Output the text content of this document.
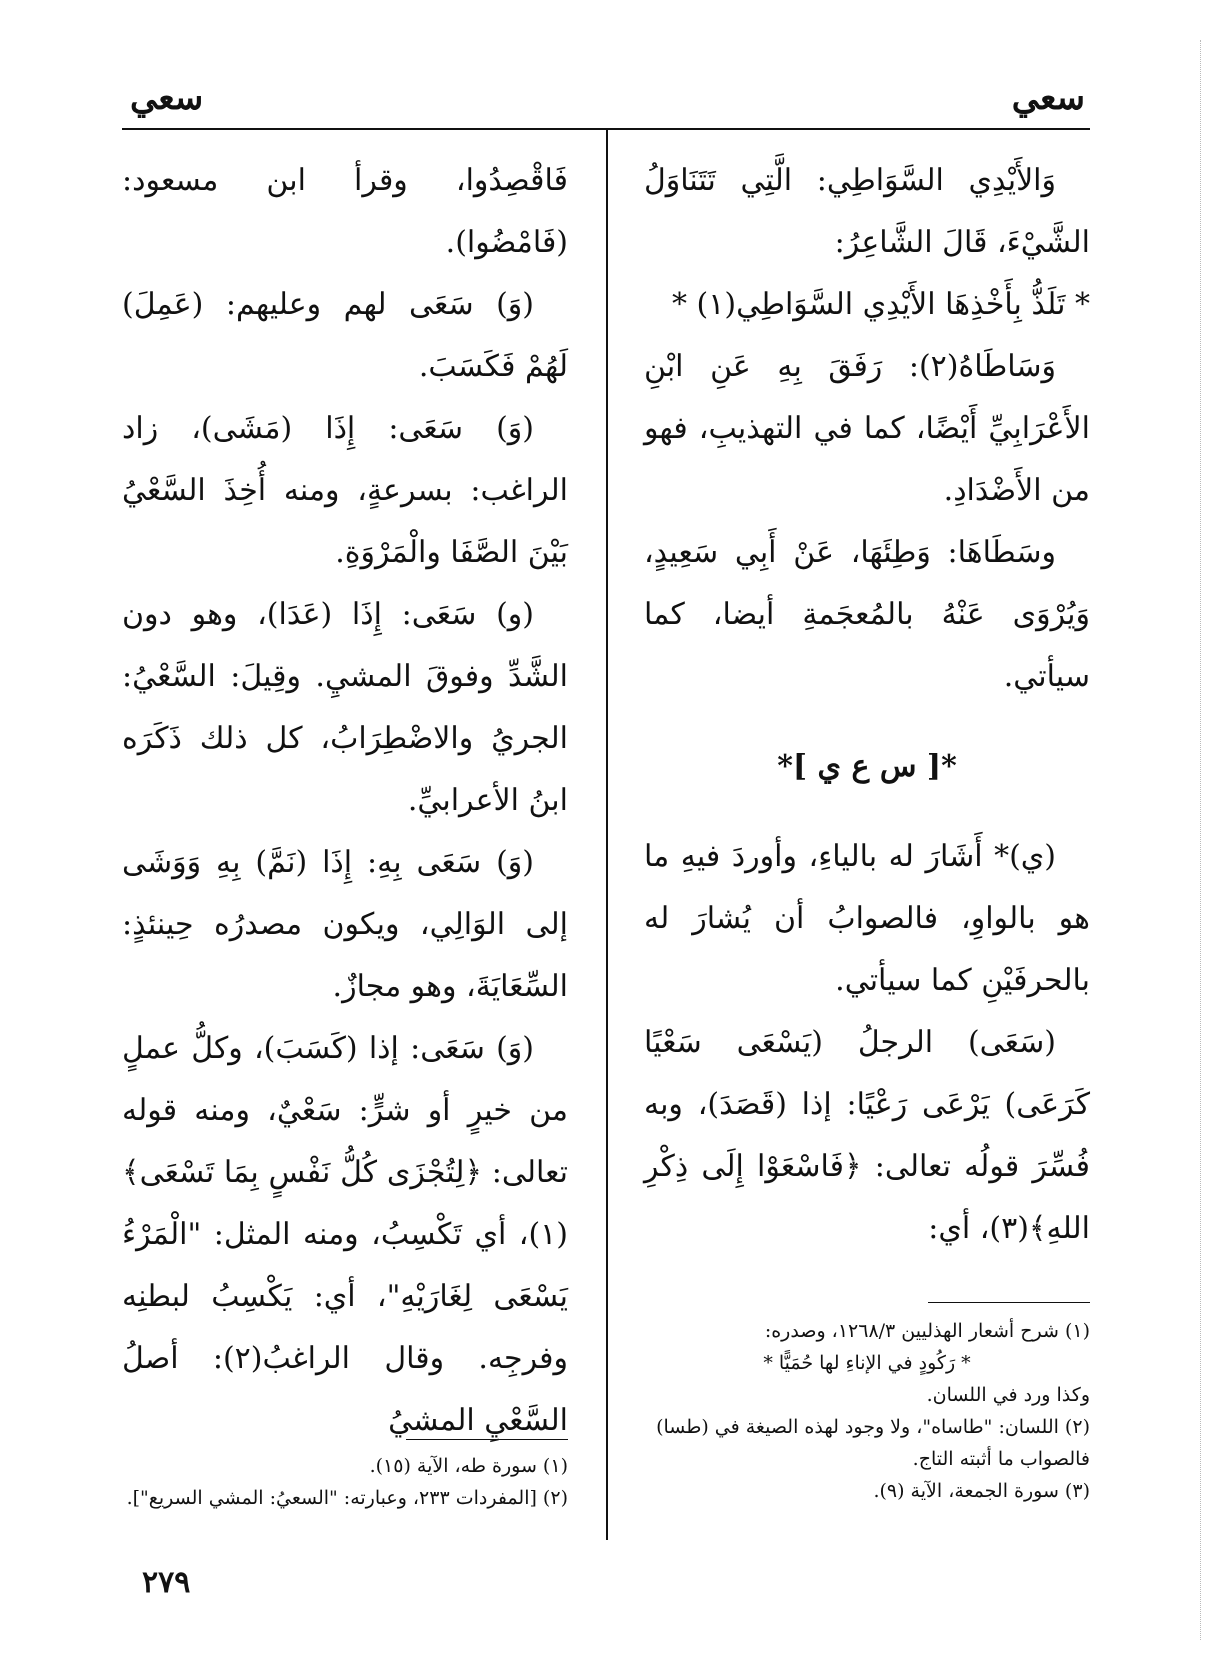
سعي
سعي

وَالأَيْدِي السَّوَاطِي: الَّتِي تَتَنَاوَلُ الشَّيْءَ، قَالَ الشَّاعِرُ:

* تَلَذُّ بِأَخْذِهَا الأَيْدِي السَّوَاطِي(١) *

وَسَاطَاهُ(٢): رَفَقَ بِهِ عَنِ ابْنِ الأَعْرَابِيِّ أَيْضًا، كما في التهذيبِ، فهو من الأَضْدَادِ.

وسَطَاهَا: وَطِئَهَا، عَنْ أَبِي سَعِيدٍ، وَيُرْوَى عَنْهُ بالمُعجَمةِ أيضا، كما سيأتي.

*[ س ع ي ]*

(ي)* أَشَارَ له بالياءِ، وأوردَ فيهِ ما هو بالواوِ، فالصوابُ أن يُشارَ له بالحرفَيْنِ كما سيأتي.

(سَعَى) الرجلُ (يَسْعَى سَعْيًا كَرَعَى) يَرْعَى رَعْيًا: إذا (قَصَدَ)، وبه فُسِّرَ قولُه تعالى: ﴿فَاسْعَوْا إِلَى ذِكْرِ اللهِ﴾(٣)، أي:

(١) شرح أشعار الهذليين ١٢٦٨/٣، وصدره:
* رَكُودٍ في الإناءِ لها حُمَيًّا *
وكذا ورد في اللسان.
(٢) اللسان: "طاساه"، ولا وجود لهذه الصيغة في (طسا) فالصواب ما أثبته التاج.
(٣) سورة الجمعة، الآية (٩).

فَاقْصِدُوا، وقرأ ابن مسعود: (فَامْضُوا).

(وَ) سَعَى لهم وعليهم: (عَمِلَ) لَهُمْ فَكَسَبَ.

(وَ) سَعَى: إِذَا (مَشَى)، زاد الراغب: بسرعةٍ، ومنه أُخِذَ السَّعْيُ بَيْنَ الصَّفَا والْمَرْوَةِ.

(و) سَعَى: إِذَا (عَدَا)، وهو دون الشَّدِّ وفوقَ المشيِ. وقِيلَ: السَّعْيُ: الجريُ والاضْطِرَابُ، كل ذلك ذَكَرَه ابنُ الأعرابيِّ.

(وَ) سَعَى بِهِ: إِذَا (نَمَّ) بِهِ وَوَشَى إلى الوَالِي، ويكون مصدرُه حِينئذٍ: السِّعَايَةَ، وهو مجازٌ.

(وَ) سَعَى: إذا (كَسَبَ)، وكلُّ عملٍ من خيرٍ أو شرٍّ: سَعْيٌ، ومنه قوله تعالى: ﴿لِتُجْزَى كُلُّ نَفْسٍ بِمَا تَسْعَى﴾(١)، أي تَكْسِبُ، ومنه المثل: "الْمَرْءُ يَسْعَى لِغَارَيْهِ"، أي: يَكْسِبُ لبطنِه وفرجِه. وقال الراغبُ(٢): أصلُ السَّعْيِ المشيُ

(١) سورة طه، الآية (١٥).
(٢) [المفردات ٢٣٣، وعبارته: "السعيُ: المشي السريع"].
٢٧٩
